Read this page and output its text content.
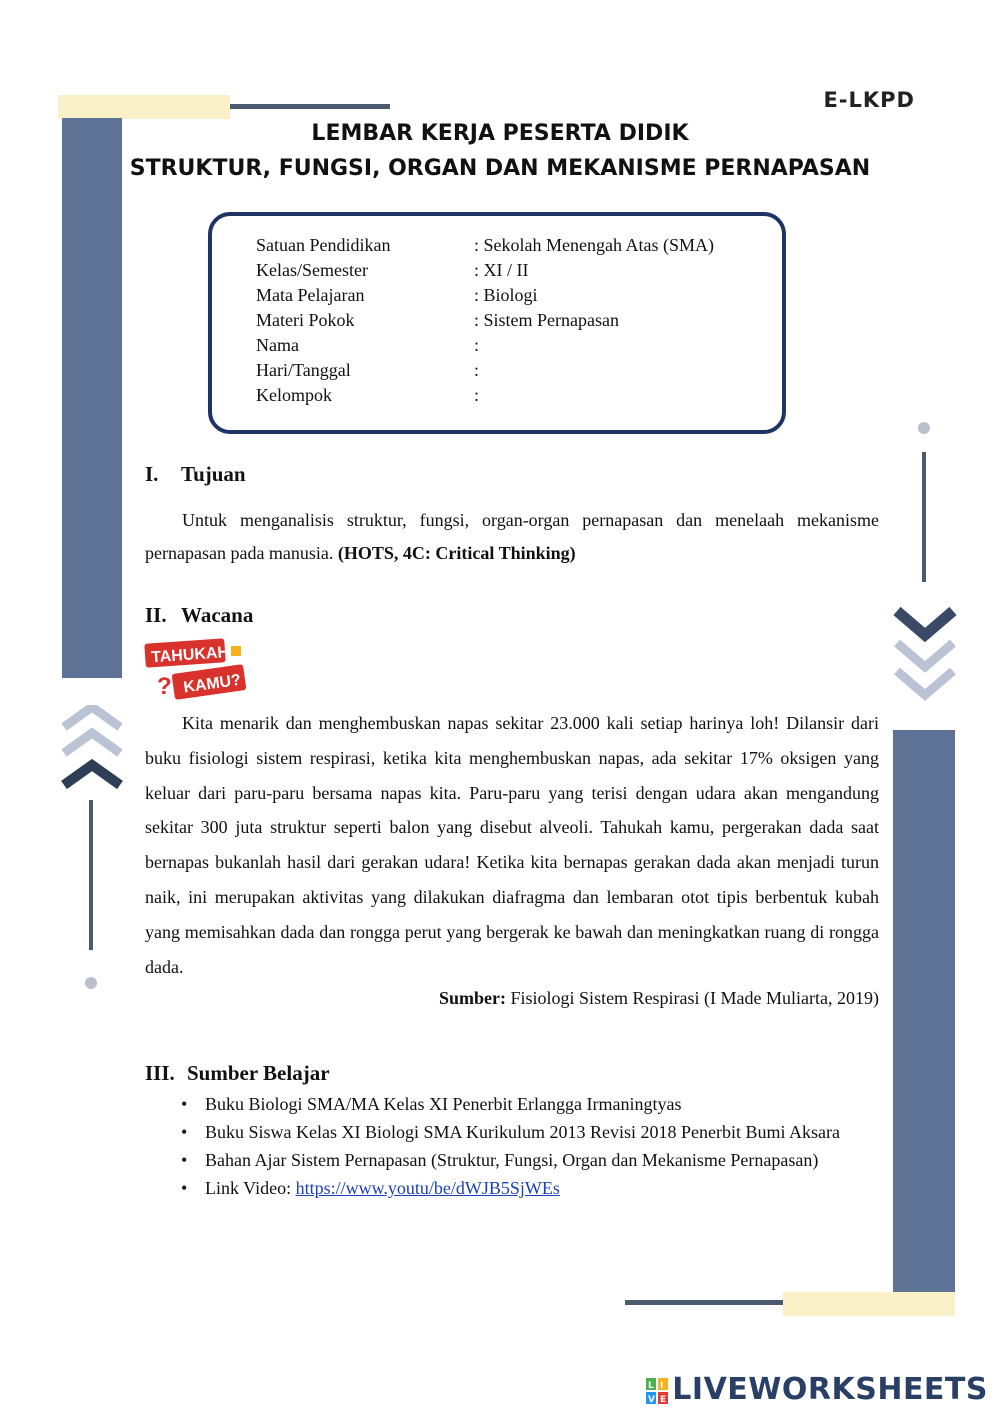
E-LKPD
LEMBAR KERJA PESERTA DIDIK
STRUKTUR, FUNGSI, ORGAN DAN MEKANISME PERNAPASAN
Satuan Pendidikan	: Sekolah Menengah Atas (SMA)
Kelas/Semester	: XI / II
Mata Pelajaran	: Biologi
Materi Pokok	: Sistem Pernapasan
Nama	:
Hari/Tanggal	:
Kelompok	:
I. Tujuan
Untuk menganalisis struktur, fungsi, organ-organ pernapasan dan menelaah mekanisme pernapasan pada manusia. (HOTS, 4C: Critical Thinking)
II. Wacana
TAHUKAH
KAMU?
?
Kita menarik dan menghembuskan napas sekitar 23.000 kali setiap harinya loh! Dilansir dari buku fisiologi sistem respirasi, ketika kita menghembuskan napas, ada sekitar 17% oksigen yang keluar dari paru-paru bersama napas kita. Paru-paru yang terisi dengan udara akan mengandung sekitar 300 juta struktur seperti balon yang disebut alveoli. Tahukah kamu, pergerakan dada saat bernapas bukanlah hasil dari gerakan udara! Ketika kita bernapas gerakan dada akan menjadi turun naik, ini merupakan aktivitas yang dilakukan diafragma dan lembaran otot tipis berbentuk kubah yang memisahkan dada dan rongga perut yang bergerak ke bawah dan meningkatkan ruang di rongga dada.
Sumber: Fisiologi Sistem Respirasi (I Made Muliarta, 2019)
III. Sumber Belajar
• Buku Biologi SMA/MA Kelas XI Penerbit Erlangga Irmaningtyas
• Buku Siswa Kelas XI Biologi SMA Kurikulum 2013 Revisi 2018 Penerbit Bumi Aksara
• Bahan Ajar Sistem Pernapasan (Struktur, Fungsi, Organ dan Mekanisme Pernapasan)
• Link Video: https://www.youtu/be/dWJB5SjWEs
L I
V E LIVEWORKSHEETS
